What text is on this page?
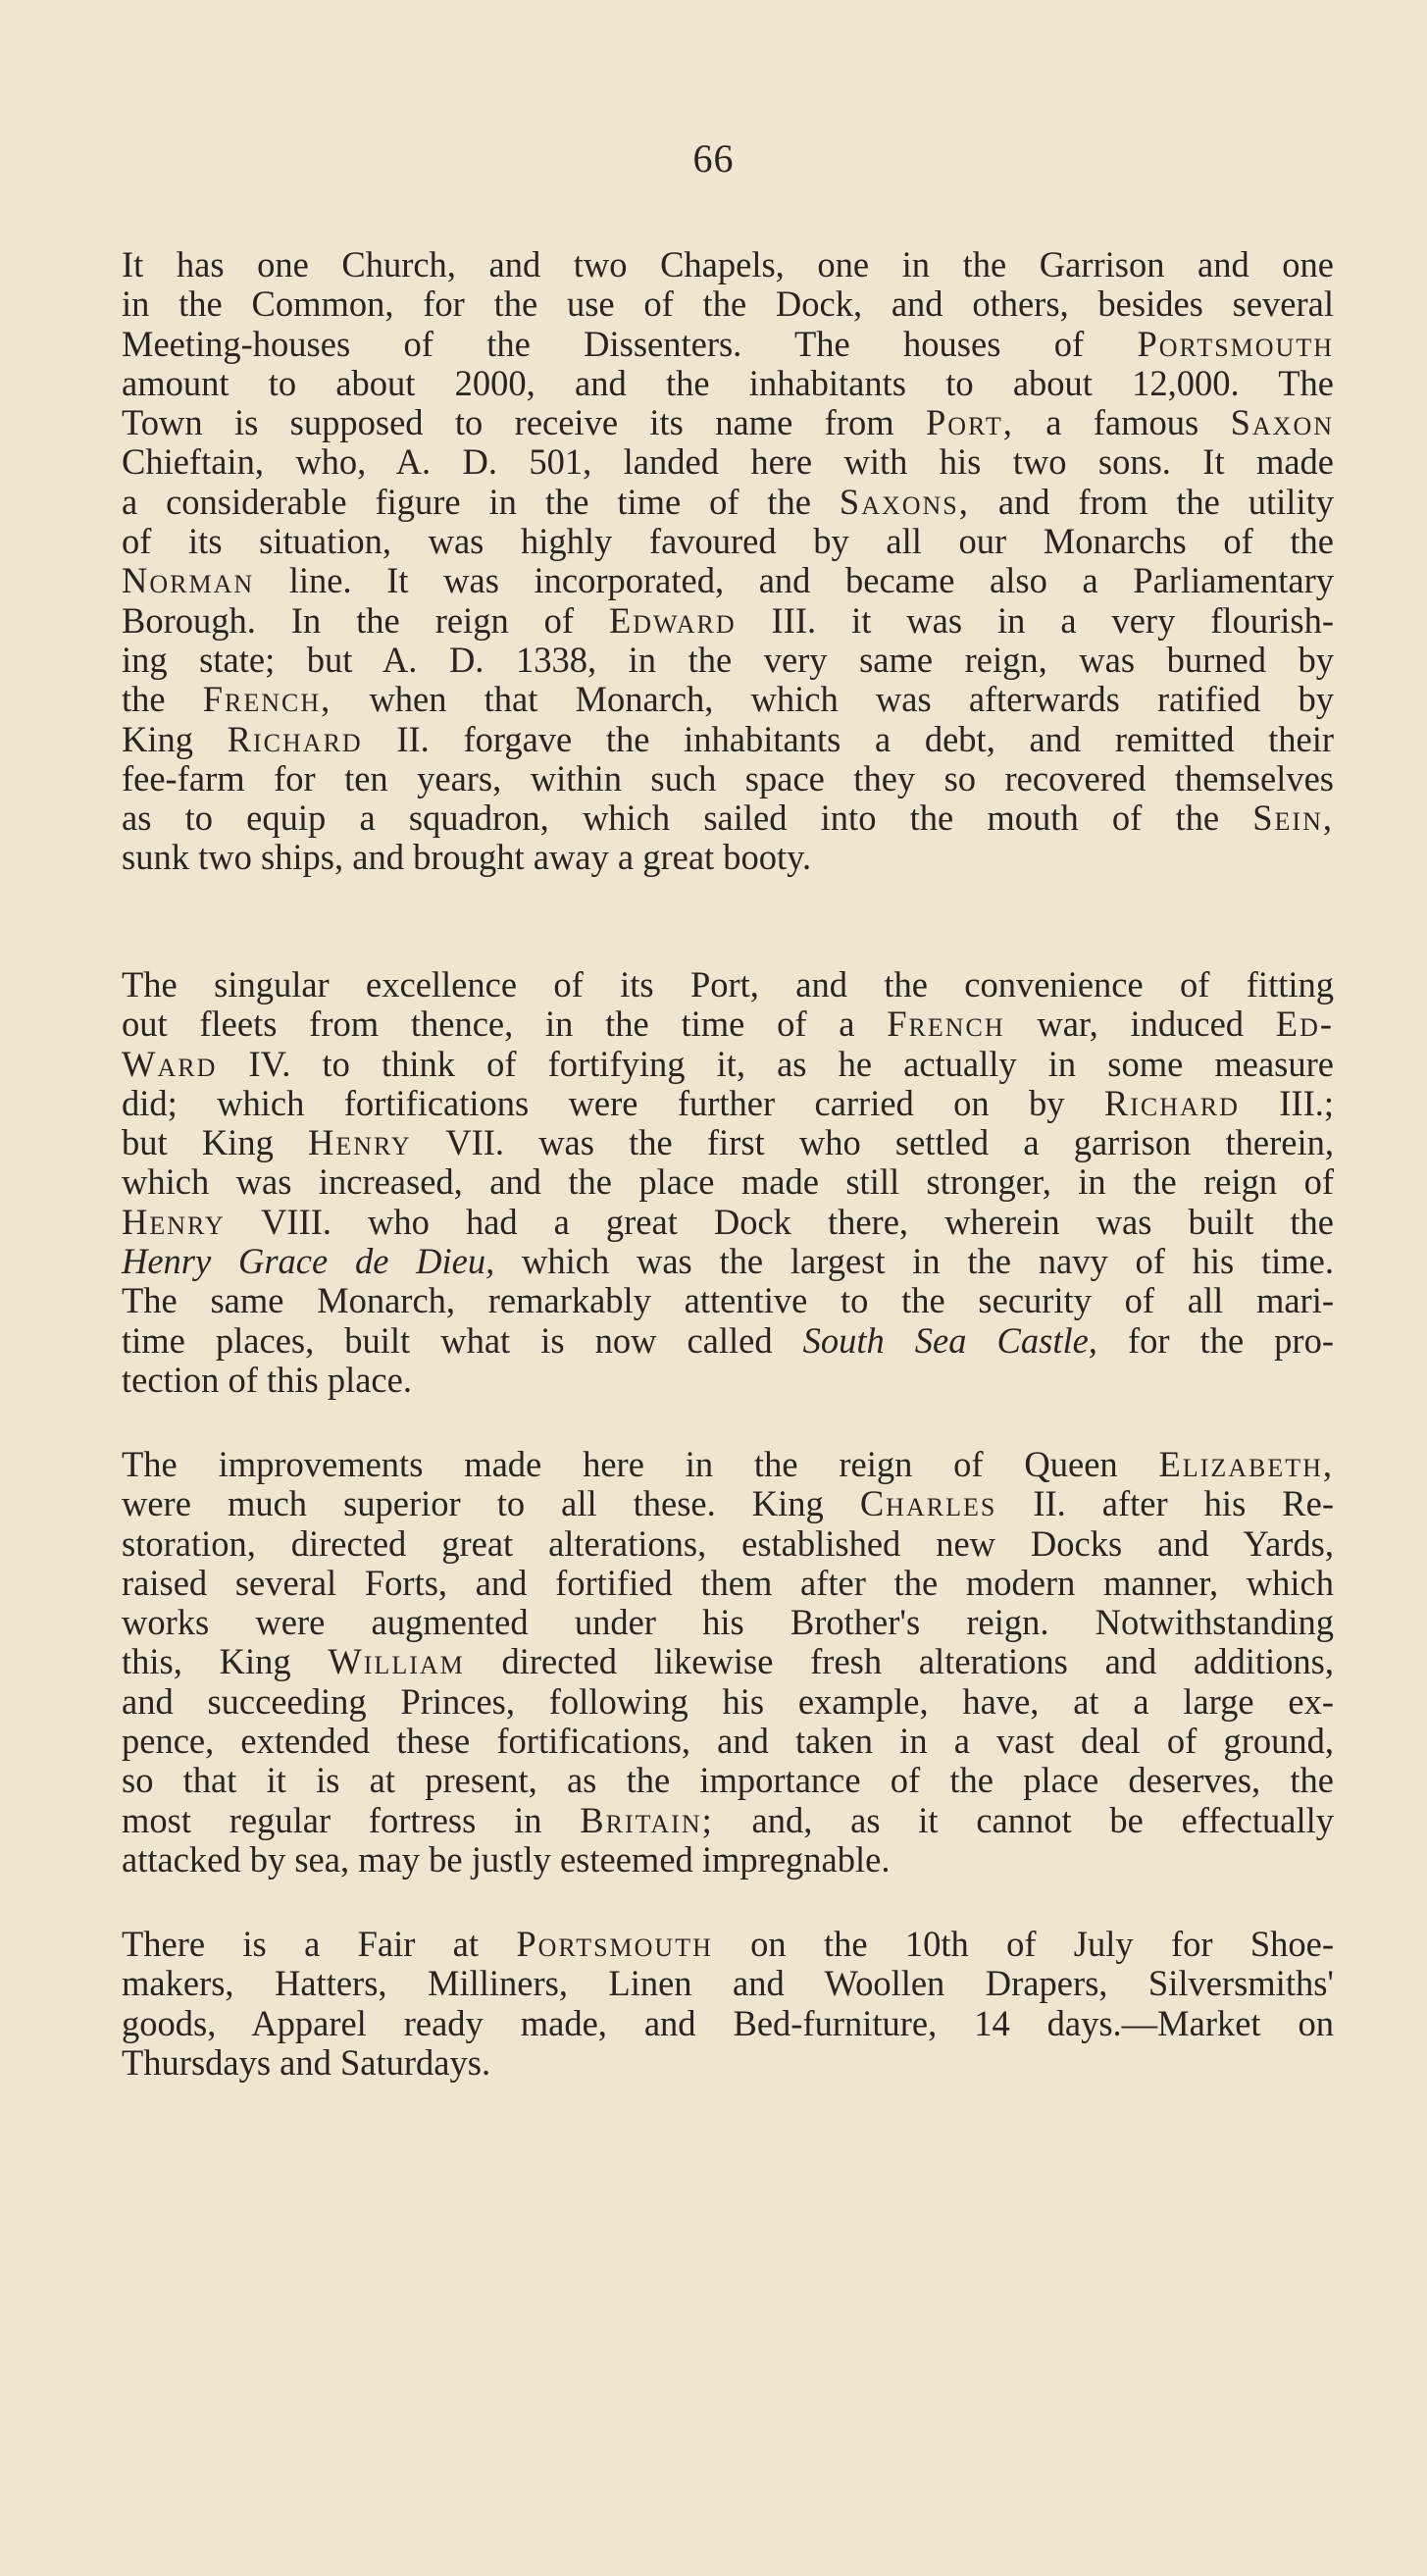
66

It has one Church, and two Chapels, one in the Garrison and one
in the Common, for the use of the Dock, and others, besides several
Meeting-houses of the Dissenters. The houses of Portsmouth
amount to about 2000, and the inhabitants to about 12,000. The
Town is supposed to receive its name from Port, a famous Saxon
Chieftain, who, A. D. 501, landed here with his two sons. It made
a considerable figure in the time of the Saxons, and from the utility
of its situation, was highly favoured by all our Monarchs of the
Norman line. It was incorporated, and became also a Parliamentary
Borough. In the reign of Edward III. it was in a very flourish-
ing state; but A. D. 1338, in the very same reign, was burned by
the French, when that Monarch, which was afterwards ratified by
King Richard II. forgave the inhabitants a debt, and remitted their
fee-farm for ten years, within such space they so recovered themselves
as to equip a squadron, which sailed into the mouth of the Sein,
sunk two ships, and brought away a great booty.

The singular excellence of its Port, and the convenience of fitting
out fleets from thence, in the time of a French war, induced Ed-
Ward IV. to think of fortifying it, as he actually in some measure
did; which fortifications were further carried on by Richard III.;
but King Henry VII. was the first who settled a garrison therein,
which was increased, and the place made still stronger, in the reign of
Henry VIII. who had a great Dock there, wherein was built the
Henry Grace de Dieu, which was the largest in the navy of his time.
The same Monarch, remarkably attentive to the security of all mari-
time places, built what is now called South Sea Castle, for the pro-
tection of this place.

The improvements made here in the reign of Queen Elizabeth,
were much superior to all these. King Charles II. after his Re-
storation, directed great alterations, established new Docks and Yards,
raised several Forts, and fortified them after the modern manner, which
works were augmented under his Brother's reign. Notwithstanding
this, King William directed likewise fresh alterations and additions,
and succeeding Princes, following his example, have, at a large ex-
pence, extended these fortifications, and taken in a vast deal of ground,
so that it is at present, as the importance of the place deserves, the
most regular fortress in Britain; and, as it cannot be effectually
attacked by sea, may be justly esteemed impregnable.

There is a Fair at Portsmouth on the 10th of July for Shoe-
makers, Hatters, Milliners, Linen and Woollen Drapers, Silversmiths'
goods, Apparel ready made, and Bed-furniture, 14 days.—Market on
Thursdays and Saturdays.
